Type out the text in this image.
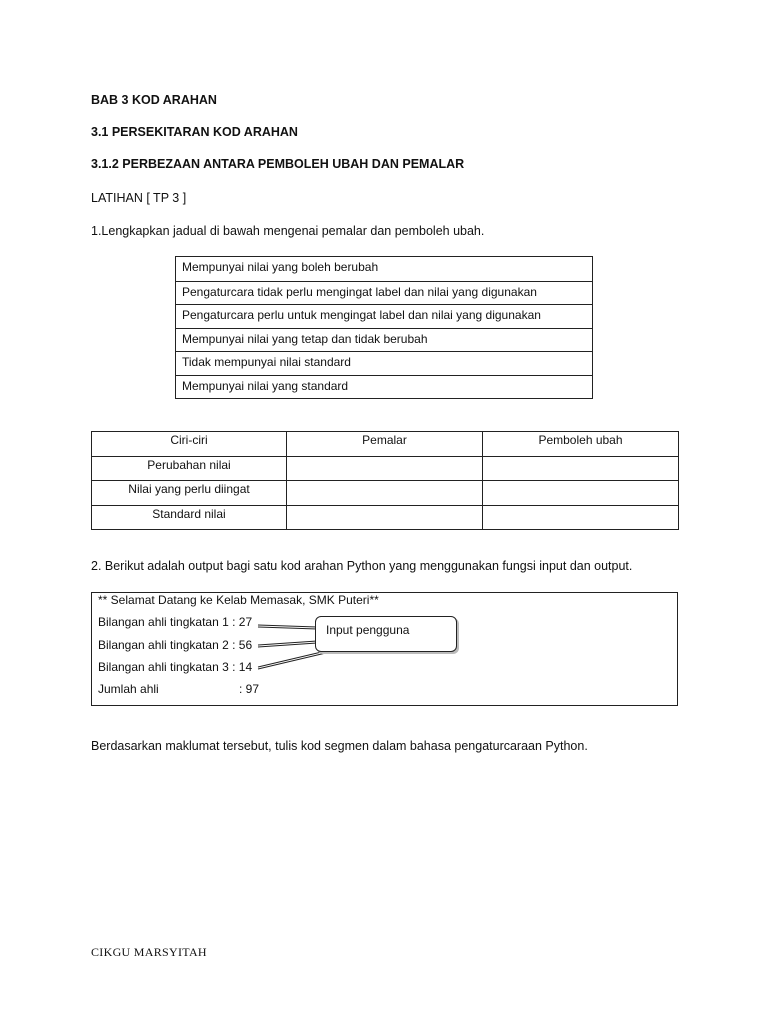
BAB 3 KOD ARAHAN
3.1 PERSEKITARAN KOD ARAHAN
3.1.2 PERBEZAAN ANTARA PEMBOLEH UBAH DAN PEMALAR
LATIHAN [ TP 3 ]
1.Lengkapkan jadual di bawah mengenai pemalar dan pemboleh ubah.
Mempunyai nilai yang boleh berubah
Pengaturcara tidak perlu mengingat label dan nilai yang digunakan
Pengaturcara perlu untuk mengingat label dan nilai yang digunakan
Mempunyai nilai yang tetap dan tidak berubah
Tidak mempunyai nilai standard
Mempunyai nilai yang standard
Ciri-ciri	Pemalar	Pemboleh ubah
Perubahan nilai		
Nilai yang perlu diingat		
Standard nilai		
2. Berikut adalah output bagi satu kod arahan Python yang menggunakan fungsi input dan output.
** Selamat Datang ke Kelab Memasak, SMK Puteri**
Bilangan ahli tingkatan 1 : 27
Bilangan ahli tingkatan 2 : 56
Bilangan ahli tingkatan 3 : 14
Jumlah ahli	: 97
Input pengguna
Berdasarkan maklumat tersebut, tulis kod segmen dalam bahasa pengaturcaraan Python.
CIKGU MARSYITAH
